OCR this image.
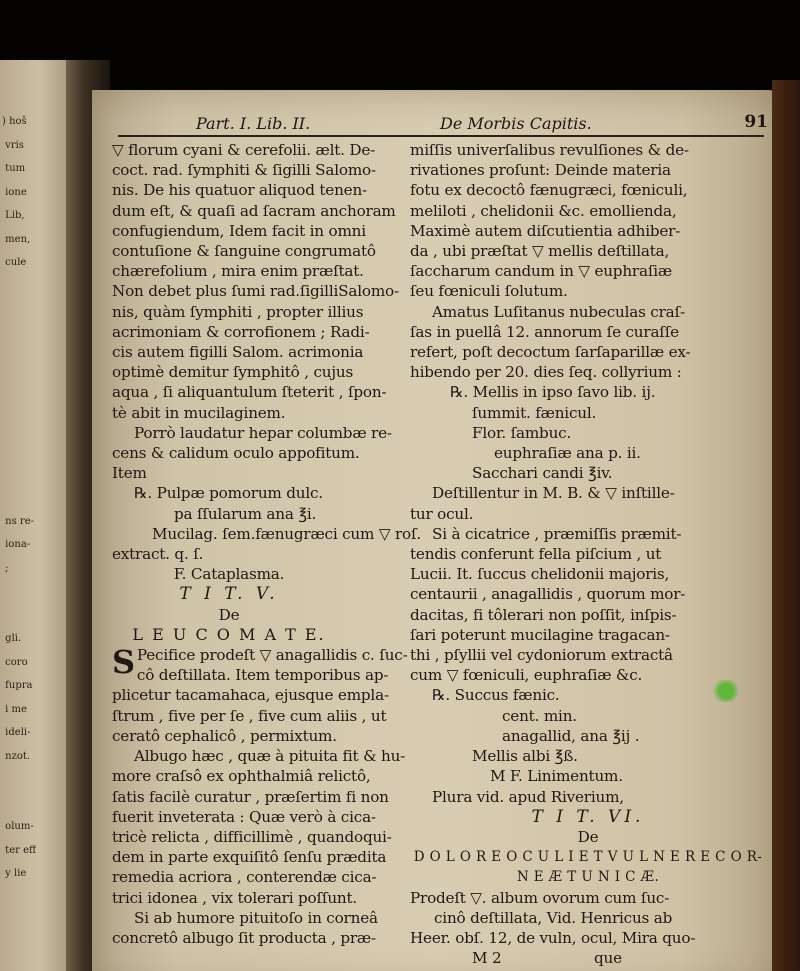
) hoš
vris
tum
ione
Lib,
men,
cule

ns re-
iona-
;

gli.
coro
fupra
i me
ideli-
nzot.

olum-
ter eff
y lie
Part. I. Lib. II.	De Morbis Capitis.	91

▽ florum cyani & cerefolii. ælt. De-

coct. rad. ſymphiti & ſigilli Salomo-

nis. De his quatuor aliquod tenen-

dum eſt, & quaſi ad ſacram anchoram

confugiendum, Idem facit in omni

contuſione & ſanguine congrumatô

chærefolium , mira enim præſtat.

Non debet plus ſumi rad.ſigilliSalomo-

nis, quàm ſymphiti , propter illius

acrimoniam & corrofionem ; Radi-

cis autem figilli Salom. acrimonia

optimè demitur ſymphitô , cujus

aqua , ſi aliquantulum ſteterit , ſpon-

tè abit in mucilaginem.

Porrò laudatur hepar columbæ re-

cens & calidum oculo appofitum.

Item

℞. Pulpæ pomorum dulc.

pa ſſularum ana ℥i.

Mucilag. ſem.fænugræci cum ▽ roſ.

extract. q. ſ.

F. Cataplasma.

T I T. V.

De

L E U C O M A T E.

S Pecifice prodeſt ▽ anagallidis c. ſuc-

cô deſtillata. Item temporibus ap-

plicetur tacamahaca, ejusque empla-

ſtrum , five per ſe , five cum aliis , ut

ceratô cephalicô , permixtum.

Albugo hæc , quæ à pituita fit & hu-

more craſsô ex ophthalmiâ relictô,

ſatis facilè curatur , præſertim fi non

fuerit inveterata : Quæ verò à cica-

tricè relicta , difficillimè , quandoqui-

dem in parte exquiſitô ſenſu prædita

remedia acriora , conterendæ cica-

trici idonea , vix tolerari poſſunt.

Si ab humore pituitoſo in corneâ

concretô albugo ſit producta , præ-

miſſis univerſalibus revulſiones & de-

rivationes proſunt: Deinde materia

fotu ex decoctô fænugræci, fœniculi,

meliloti , chelidonii &c. emollienda,

Maximè autem diſcutientia adhiber-

da , ubi præſtat ▽ mellis deſtillata,

ſaccharum candum in ▽ euphraſiæ

ſeu fœniculi ſolutum.

Amatus Luſitanus nubeculas craſ-

ſas in puellâ 12. annorum ſe curaſſe

refert, poſt decoctum ſarſaparillæ ex-

hibendo per 20. dies ſeq. collyrium :

℞. Mellis in ipso ſavo lib. ij.

ſummit. fænicul.

Flor. ſambuc.

euphraſiæ ana p. ii.

Sacchari candi ℥iv.

Deſtillentur in M. B. & ▽ inſtille-

tur ocul.

Si à cicatrice , præmiſſis præmit-

tendis conferunt fella piſcium , ut

Lucii. It. ſuccus chelidonii majoris,

centaurii , anagallidis , quorum mor-

dacitas, fi tôlerari non poſſit, inſpis-

ſari poterunt mucilagine tragacan-

thi , pſyllii vel cydoniorum extractâ

cum ▽ fœniculi, euphraſiæ &c.

℞. Succus fænic.

cent. min.

anagallid, ana ℥ij .

Mellis albi ℥ß.

M F. Linimentum.

Plura vid. apud Riverium,

T I T. VI.

De

D O L O R E O C U L I E T V U L N E R E C O R-

N E Æ T U N I C Æ.

Prodeſt ▽. album ovorum cum ſuc-

cinô deſtillata, Vid. Henricus ab

Heer. obſ. 12, de vuln, ocul, Mira quo-

M 2                    que
